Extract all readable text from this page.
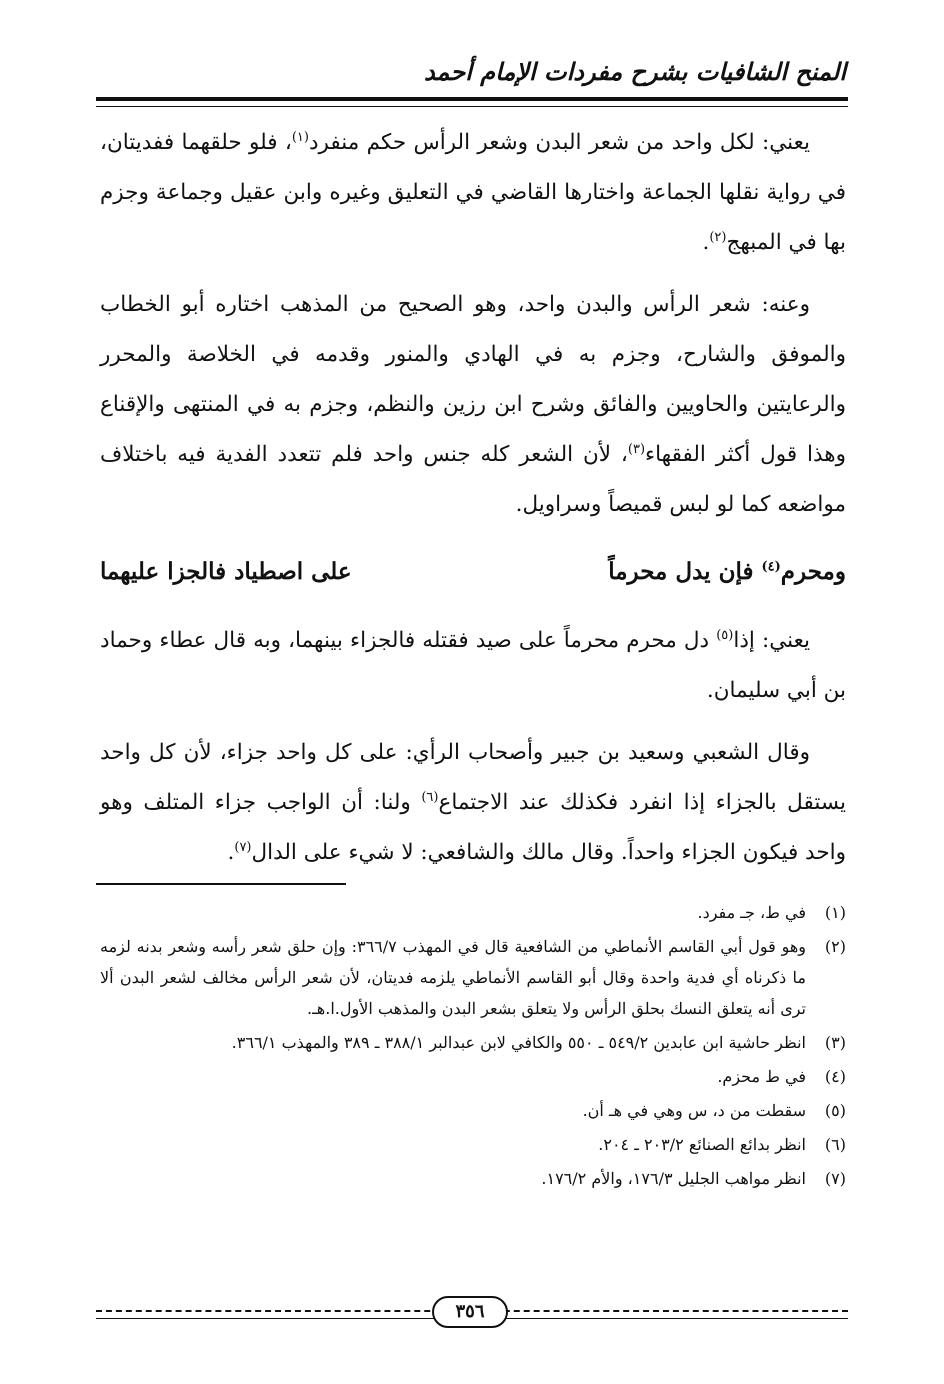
المنح الشافيات بشرح مفردات الإمام أحمد

يعني: لكل واحد من شعر البدن وشعر الرأس حكم منفرد$^{(١)}$، فلو حلقهما ففديتان، في رواية نقلها الجماعة واختارها القاضي في التعليق وغيره وابن عقيل وجماعة وجزم بها في المبهج$^{(٢)}$.

وعنه: شعر الرأس والبدن واحد، وهو الصحيح من المذهب اختاره أبو الخطاب والموفق والشارح، وجزم به في الهادي والمنور وقدمه في الخلاصة والمحرر والرعايتين والحاويين والفائق وشرح ابن رزين والنظم، وجزم به في المنتهى والإقناع وهذا قول أكثر الفقهاء$^{(٣)}$، لأن الشعر كله جنس واحد فلم تتعدد الفدية فيه باختلاف مواضعه كما لو لبس قميصاً وسراويل.

ومحرم$^{(٤)}$ فإن يدل محرماً
على اصطياد فالجزا عليهما

يعني: إذا$^{(٥)}$ دل محرم محرماً على صيد فقتله فالجزاء بينهما، وبه قال عطاء وحماد بن أبي سليمان.

وقال الشعبي وسعيد بن جبير وأصحاب الرأي: على كل واحد جزاء، لأن كل واحد يستقل بالجزاء إذا انفرد فكذلك عند الاجتماع$^{(٦)}$ ولنا: أن الواجب جزاء المتلف وهو واحد فيكون الجزاء واحداً. وقال مالك والشافعي: لا شيء على الدال$^{(٧)}$.

(١)
في ط، جـ مفرد.
(٢)
وهو قول أبي القاسم الأنماطي من الشافعية قال في المهذب ٣٦٦/٧: وإن حلق شعر رأسه وشعر بدنه لزمه ما ذكرناه أي فدية واحدة وقال أبو القاسم الأنماطي يلزمه فديتان، لأن شعر الرأس مخالف لشعر البدن ألا ترى أنه يتعلق النسك بحلق الرأس ولا يتعلق بشعر البدن والمذهب الأول.ا.هـ.
(٣)
انظر حاشية ابن عابدين ٥٤٩/٢ ـ ٥٥٠ والكافي لابن عبدالبر ٣٨٨/١ ـ ٣٨٩ والمهذب ٣٦٦/١.
(٤)
في ط محزم.
(٥)
سقطت من د، س وهي في هـ أن.
(٦)
انظر بدائع الصنائع ٢٠٣/٢ ـ ٢٠٤.
(٧)
انظر مواهب الجليل ١٧٦/٣، والأم ١٧٦/٢.
٣٥٦
